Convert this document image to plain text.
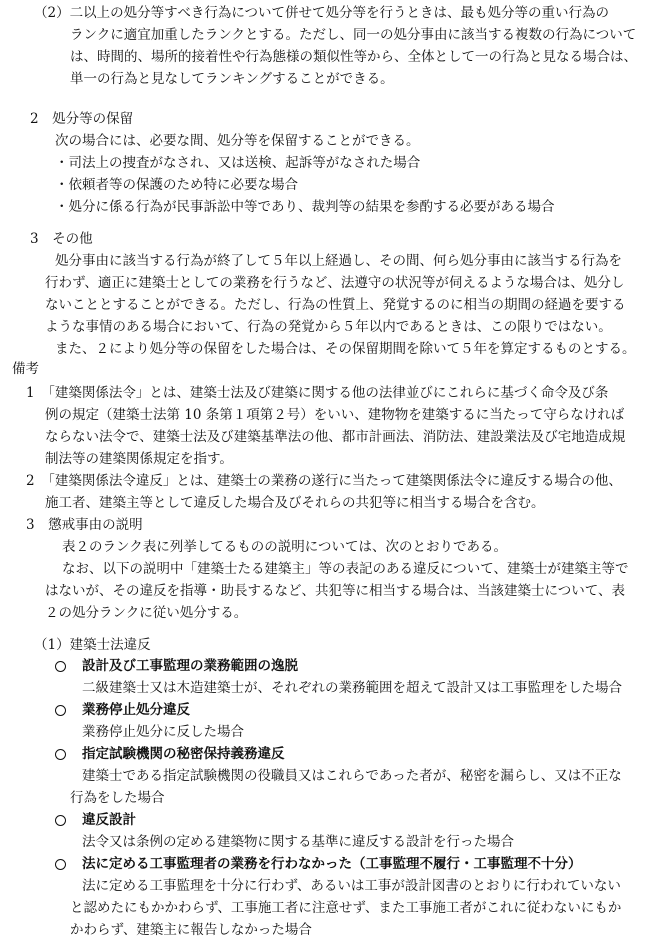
（2）二以上の処分等すべき行為について併せて処分等を行うときは、最も処分等の重い行為の
ランクに適宜加重したランクとする。ただし、同一の処分事由に該当する複数の行為について
は、時間的、場所的接着性や行為態様の類似性等から、全体として一の行為と見なる場合は、
単一の行為と見なしてランキングすることができる。
2　処分等の保留
次の場合には、必要な間、処分等を保留することができる。
・司法上の捜査がなされ、又は送検、起訴等がなされた場合
・依頼者等の保護のため特に必要な場合
・処分に係る行為が民事訴訟中等であり、裁判等の結果を参酌する必要がある場合
3　その他
処分事由に該当する行為が終了して５年以上経過し、その間、何ら処分事由に該当する行為を
行わず、適正に建築士としての業務を行うなど、法遵守の状況等が伺えるような場合は、処分し
ないこととすることができる。ただし、行為の性質上、発覚するのに相当の期間の経過を要する
ような事情のある場合において、行為の発覚から５年以内であるときは、この限りではない。
また、２により処分等の保留をした場合は、その保留期間を除いて５年を算定するものとする。
備考
1　「建築関係法令」とは、建築士法及び建築に関する他の法律並びにこれらに基づく命令及び条
例の規定（建築士法第 10 条第１項第２号）をいい、建物物を建築するに当たって守らなければ
ならない法令で、建築士法及び建築基準法の他、都市計画法、消防法、建設業法及び宅地造成規
制法等の建築関係規定を指す。
2　「建築関係法令違反」とは、建築士の業務の遂行に当たって建築関係法令に違反する場合の他、
施工者、建築主等として違反した場合及びそれらの共犯等に相当する場合を含む。
3　懲戒事由の説明
表２のランク表に列挙してるものの説明については、次のとおりである。
なお、以下の説明中「建築士たる建築主」等の表記のある違反について、建築士が建築主等で
はないが、その違反を指導・助長するなど、共犯等に相当する場合は、当該建築士について、表
２の処分ランクに従い処分する。
（1）建築士法違反
設計及び工事監理の業務範囲の逸脱
二級建築士又は木造建築士が、それぞれの業務範囲を超えて設計又は工事監理をした場合
業務停止処分違反
業務停止処分に反した場合
指定試験機関の秘密保持義務違反
建築士である指定試験機関の役職員又はこれらであった者が、秘密を漏らし、又は不正な
行為をした場合
違反設計
法令又は条例の定める建築物に関する基準に違反する設計を行った場合
法に定める工事監理者の業務を行わなかった（工事監理不履行・工事監理不十分）
法に定める工事監理を十分に行わず、あるいは工事が設計図書のとおりに行われていない
と認めたにもかかわらず、工事施工者に注意せず、また工事施工者がこれに従わないにもか
かわらず、建築主に報告しなかった場合
